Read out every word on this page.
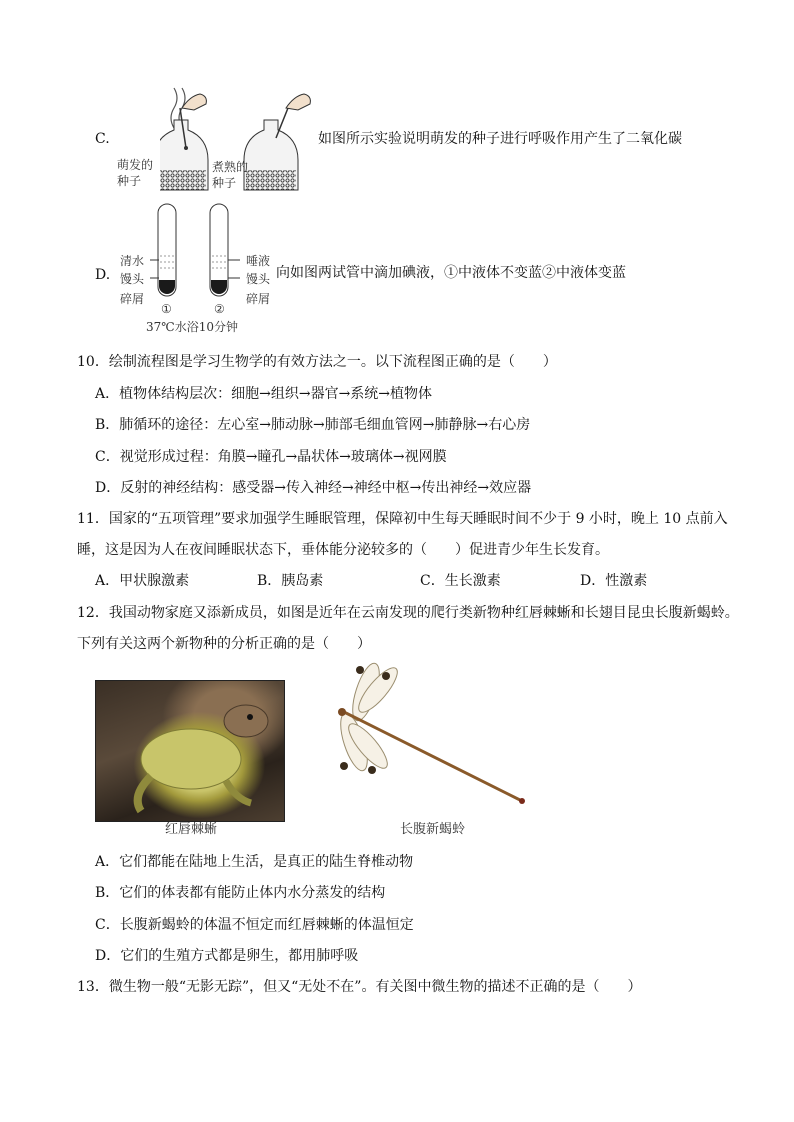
C.
萌发的
种子
煮熟的
种子
如图所示实验说明萌发的种子进行呼吸作用产生了二氧化碳
D.
清水
馒头
碎屑
唾液
馒头
碎屑
①	②
37℃水浴10分钟
向如图两试管中滴加碘液，①中液体不变蓝②中液体变蓝
10．绘制流程图是学习生物学的有效方法之一。以下流程图正确的是（　　）
A．植物体结构层次：细胞→组织→器官→系统→植物体
B．肺循环的途径：左心室→肺动脉→肺部毛细血管网→肺静脉→右心房
C．视觉形成过程：角膜→瞳孔→晶状体→玻璃体→视网膜
D．反射的神经结构：感受器→传入神经→神经中枢→传出神经→效应器
11．国家的“五项管理”要求加强学生睡眠管理，保障初中生每天睡眠时间不少于 9 小时，晚上 10 点前入
睡，这是因为人在夜间睡眠状态下，垂体能分泌较多的（　　）促进青少年生长发育。
A．甲状腺激素	B．胰岛素	C．生长激素	D．性激素
12．我国动物家庭又添新成员，如图是近年在云南发现的爬行类新物种红唇棘蜥和长翅目昆虫长腹新蝎蛉。
下列有关这两个新物种的分析正确的是（　　）
红唇棘蜥	长腹新蝎蛉
A．它们都能在陆地上生活，是真正的陆生脊椎动物
B．它们的体表都有能防止体内水分蒸发的结构
C．长腹新蝎蛉的体温不恒定而红唇棘蜥的体温恒定
D．它们的生殖方式都是卵生，都用肺呼吸
13．微生物一般“无影无踪”，但又“无处不在”。有关图中微生物的描述不正确的是（　　）
